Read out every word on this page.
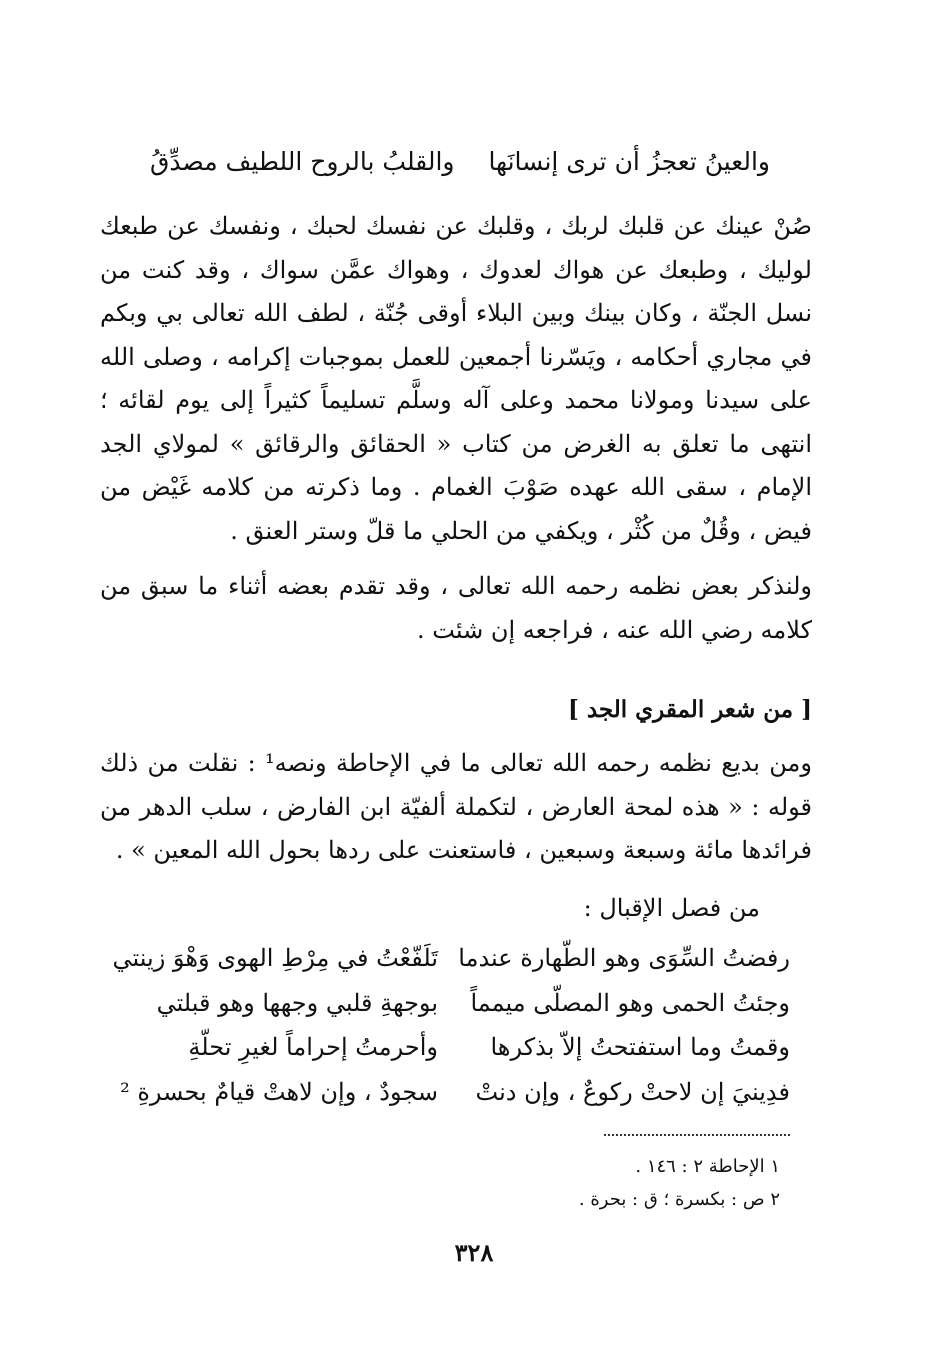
والعينُ تعجزُ أن ترى إنسانَها
والقلبُ بالروح اللطيف مصدِّقُ
صُنْ عينك عن قلبك لربك ، وقلبك عن نفسك لحبك ، ونفسك عن طبعك لوليك ، وطبعك عن هواك لعدوك ، وهواك عمَّن سواك ، وقد كنت من نسل الجنّة ، وكان بينك وبين البلاء أوقى جُنّة ، لطف الله تعالى بي وبكم في مجاري أحكامه ، ويَسّرنا أجمعين للعمل بموجبات إكرامه ، وصلى الله على سيدنا ومولانا محمد وعلى آله وسلَّم تسليماً كثيراً إلى يوم لقائه ؛ انتهى ما تعلق به الغرض من كتاب « الحقائق والرقائق » لمولاي الجد الإمام ، سقى الله عهده صَوْبَ الغمام . وما ذكرته من كلامه غَيْض من فيض ، وقُلٌ من كُثْر ، ويكفي من الحلي ما قلّ وستر العنق .
ولنذكر بعض نظمه رحمه الله تعالى ، وقد تقدم بعضه أثناء ما سبق من كلامه رضي الله عنه ، فراجعه إن شئت .
[ من شعر المقري الجد ]
ومن بديع نظمه رحمه الله تعالى ما في الإحاطة ونصه¹ : نقلت من ذلك قوله : « هذه لمحة العارض ، لتكملة ألفيّة ابن الفارض ، سلب الدهر من فرائدها مائة وسبعة وسبعين ، فاستعنت على ردها بحول الله المعين » .
من فصل الإقبال :
رفضتُ السِّوَى وهو الطّهارة عندما
تَلَفّعْتُ في مِرْطِ الهوى وَهْوَ زينتي
وجئتُ الحمى وهو المصلّى ميمماً
بوجهةِ قلبي وجهها وهو قبلتي
وقمتُ وما استفتحتُ إلاّ بذكرها
وأحرمتُ إحراماً لغيرِ تحلّةِ
فدِينيَ إن لاحتْ ركوعٌ ، وإن دنتْ
سجودٌ ، وإن لاهتْ قيامٌ بحسرةِ ²
١ الإحاطة ٢ : ١٤٦ .
٢ ص : بكسرة ؛ ق : بحرة .
٣٢٨
